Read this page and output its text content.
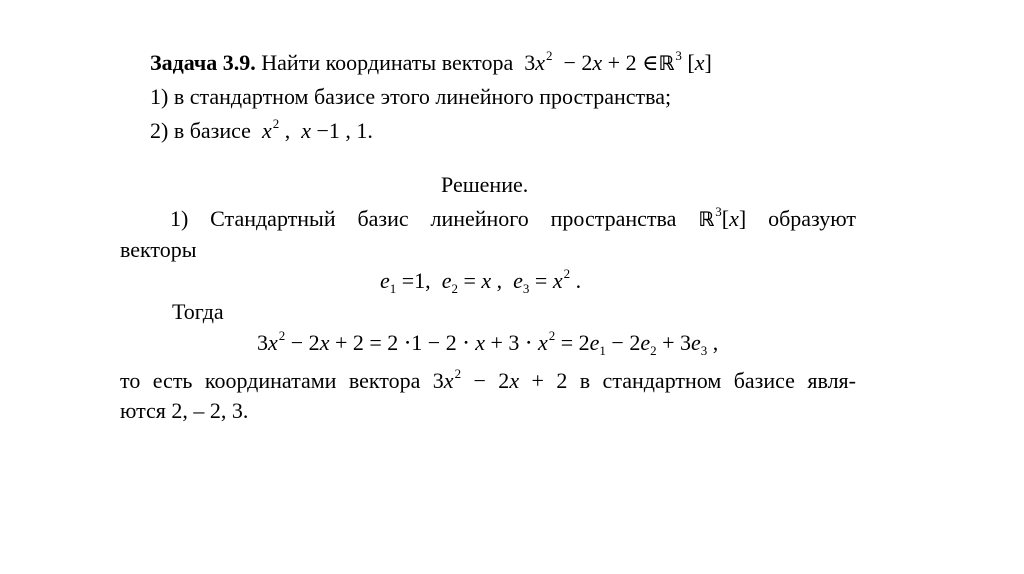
Задача 3.9. Найти координаты вектора  $3x^2 - 2x + 2$ ∈ℝ$^3$ [x]
1) в стандартном базисе этого линейного пространства;
2) в базисе $x^2$ ,  x −1 , 1.
Решение.
1) Стандартный базис линейного пространства ℝ$^3$[x] образуют
векторы
$e_1 =1$,  $e_2 = x$ ,  $e_3 = x^2$ .
Тогда
$3x^2 - 2x + 2 = 2 \cdot 1 - 2 \cdot x + 3 \cdot x^2 = 2e_1 - 2e_2 + 3e_3$ ,
то есть координатами вектора $3x^2 - 2x + 2$ в стандартном базисе явля-
ются 2, – 2, 3.
